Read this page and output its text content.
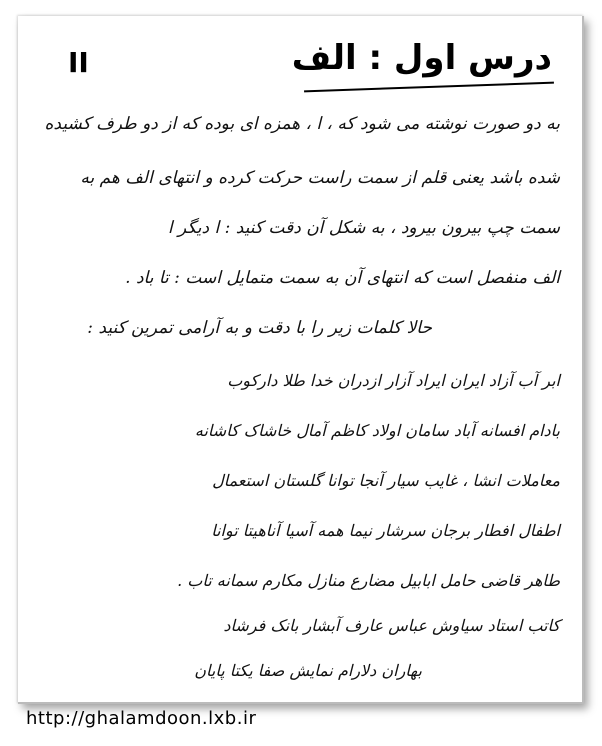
II	درس اول : الف
به دو صورت نوشته می شود که ، ا ، همزه ای بوده که از دو طرف کشیده
شده باشد یعنی قلم از سمت راست حرکت کرده و انتهای الف هم به
سمت چپ بیرون بیرود ، به شکل آن دقت کنید : ا دیگر ا
الف منفصل است که انتهای آن به سمت متمایل است : تا باد .
حالا کلمات زیر را با دقت و به آرامی تمرین کنید :
ابر آب آزاد ایران ایراد آزار ازدران خدا طلا دارکوب
بادام افسانه آباد سامان اولاد کاظم آمال خاشاک کاشانه
معاملات انشا ، غایب سیار آنجا توانا گلستان استعمال
اطفال افطار برجان سرشار نیما همه آسیا آناهیتا توانا
طاهر قاضی حامل ابابیل مضارع منازل مکارم سمانه تاب .
کاتب استاد سیاوش عباس عارف آبشار بانک فرشاد
بهاران دلارام نمایش صفا یکتا پایان
http://ghalamdoon.lxb.ir
